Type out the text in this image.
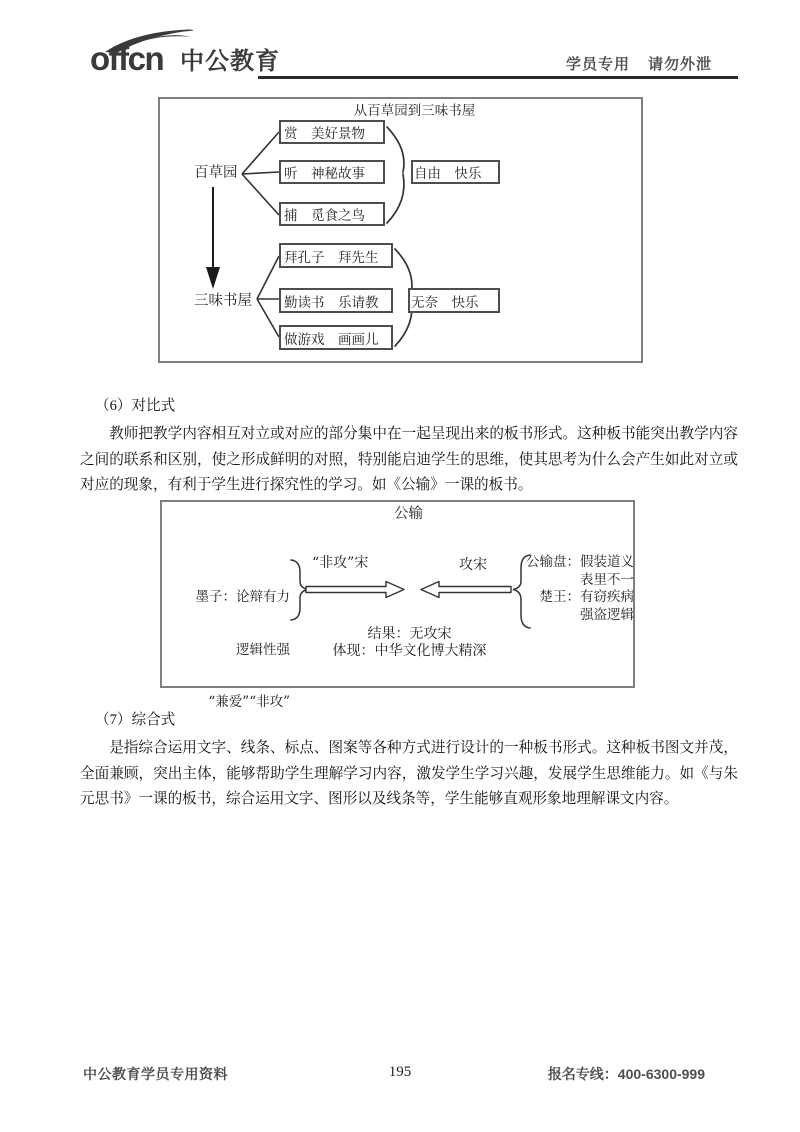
offcn 中公教育	学员专用 请勿外泄
从百草园到三味书屋
百草园
赏　美好景物
听　神秘故事
捕　觅食之鸟
自由　快乐
三味书屋
拜孔子　拜先生
勤读书　乐请教
做游戏　画画儿
无奈　快乐

（6）对比式

教师把教学内容相互对立或对应的部分集中在一起呈现出来的板书形式。这种板书能突出教学内容之间的联系和区别，使之形成鲜明的对照，特别能启迪学生的思维，使其思考为什么会产生如此对立或对应的现象，有利于学生进行探究性的学习。如《公输》一课的板书。

公输

墨子：论辩有力

逻辑性强

“兼爱”“非攻”

“非攻”宋	攻宋	公输盘： 假装道义
表里不一
楚王： 有窃疾病
强盗逻辑
结果：无攻宋
体现：中华文化博大精深

（7）综合式

是指综合运用文字、线条、标点、图案等各种方式进行设计的一种板书形式。这种板书图文并茂，全面兼顾，突出主体，能够帮助学生理解学习内容，激发学生学习兴趣，发展学生思维能力。如《与朱元思书》一课的板书，综合运用文字、图形以及线条等，学生能够直观形象地理解课文内容。

中公教育学员专用资料	195	报名专线：400-6300-999
